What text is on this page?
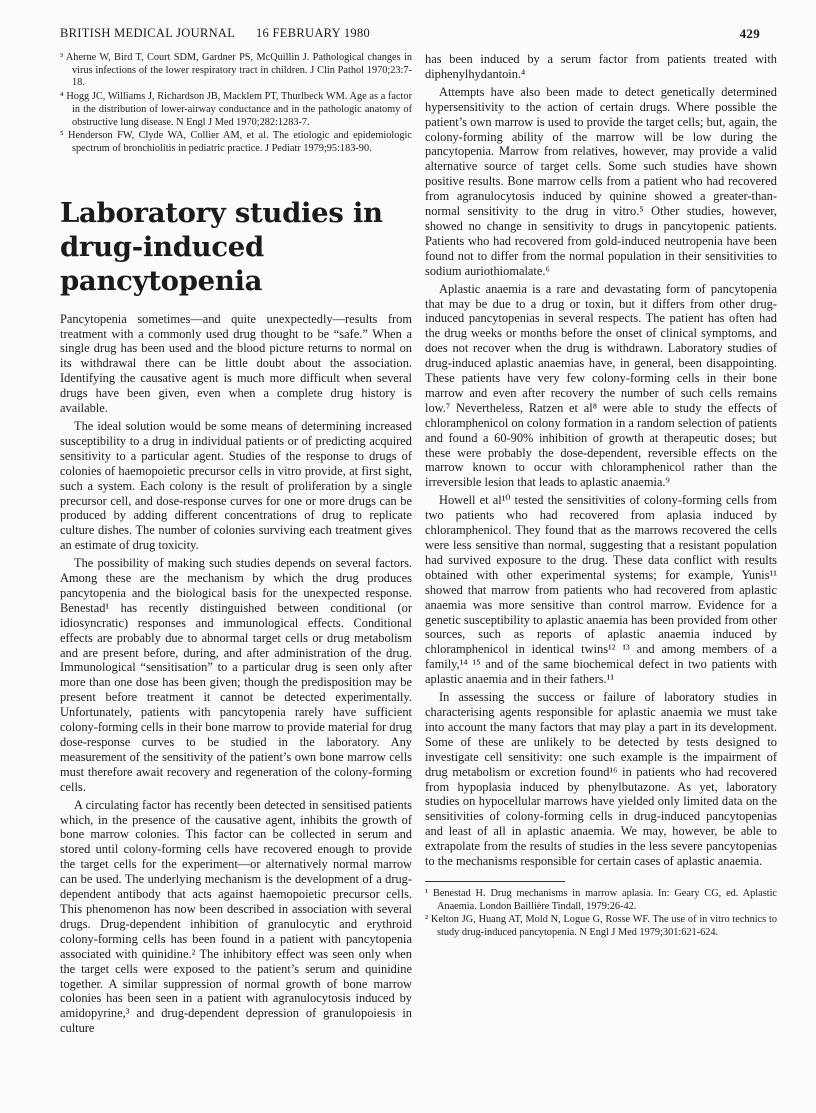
BRITISH MEDICAL JOURNAL 16 FEBRUARY 1980	429
³ Aherne W, Bird T, Court SDM, Gardner PS, McQuillin J. Pathological changes in virus infections of the lower respiratory tract in children. J Clin Pathol 1970;23:7-18.
⁴ Hogg JC, Williams J, Richardson JB, Macklem PT, Thurlbeck WM. Age as a factor in the distribution of lower-airway conductance and in the pathologic anatomy of obstructive lung disease. N Engl J Med 1970;282:1283-7.
⁵ Henderson FW, Clyde WA, Collier AM, et al. The etiologic and epidemiologic spectrum of bronchiolitis in pediatric practice. J Pediatr 1979;95:183-90.
Laboratory studies in drug-induced pancytopenia

Pancytopenia sometimes—and quite unexpectedly—results from treatment with a commonly used drug thought to be “safe.” When a single drug has been used and the blood picture returns to normal on its withdrawal there can be little doubt about the association. Identifying the causative agent is much more difficult when several drugs have been given, even when a complete drug history is available.

The ideal solution would be some means of determining increased susceptibility to a drug in individual patients or of predicting acquired sensitivity to a particular agent. Studies of the response to drugs of colonies of haemopoietic precursor cells in vitro provide, at first sight, such a system. Each colony is the result of proliferation by a single precursor cell, and dose-response curves for one or more drugs can be produced by adding different concentrations of drug to replicate culture dishes. The number of colonies surviving each treatment gives an estimate of drug toxicity.

The possibility of making such studies depends on several factors. Among these are the mechanism by which the drug produces pancytopenia and the biological basis for the unexpected response. Benestad¹ has recently distinguished between conditional (or idiosyncratic) responses and immunological effects. Conditional effects are probably due to abnormal target cells or drug metabolism and are present before, during, and after administration of the drug. Immunological “sensitisation” to a particular drug is seen only after more than one dose has been given; though the predisposition may be present before treatment it cannot be detected experimentally. Unfortunately, patients with pancytopenia rarely have sufficient colony-forming cells in their bone marrow to provide material for drug dose-response curves to be studied in the laboratory. Any measurement of the sensitivity of the patient’s own bone marrow cells must therefore await recovery and regeneration of the colony-forming cells.

A circulating factor has recently been detected in sensitised patients which, in the presence of the causative agent, inhibits the growth of bone marrow colonies. This factor can be collected in serum and stored until colony-forming cells have recovered enough to provide the target cells for the experiment—or alternatively normal marrow can be used. The underlying mechanism is the development of a drug-dependent antibody that acts against haemopoietic precursor cells. This phenomenon has now been described in association with several drugs. Drug-dependent inhibition of granulocytic and erythroid colony-forming cells has been found in a patient with pancytopenia associated with quinidine.² The inhibitory effect was seen only when the target cells were exposed to the patient’s serum and quinidine together. A similar suppression of normal growth of bone marrow colonies has been seen in a patient with agranulocytosis induced by amidopyrine,³ and drug-dependent depression of granulopoiesis in culture

has been induced by a serum factor from patients treated with diphenylhydantoin.⁴

Attempts have also been made to detect genetically determined hypersensitivity to the action of certain drugs. Where possible the patient’s own marrow is used to provide the target cells; but, again, the colony-forming ability of the marrow will be low during the pancytopenia. Marrow from relatives, however, may provide a valid alternative source of target cells. Some such studies have shown positive results. Bone marrow cells from a patient who had recovered from agranulocytosis induced by quinine showed a greater-than-normal sensitivity to the drug in vitro.⁵ Other studies, however, showed no change in sensitivity to drugs in pancytopenic patients. Patients who had recovered from gold-induced neutropenia have been found not to differ from the normal population in their sensitivities to sodium auriothiomalate.⁶

Aplastic anaemia is a rare and devastating form of pancytopenia that may be due to a drug or toxin, but it differs from other drug-induced pancytopenias in several respects. The patient has often had the drug weeks or months before the onset of clinical symptoms, and does not recover when the drug is withdrawn. Laboratory studies of drug-induced aplastic anaemias have, in general, been disappointing. These patients have very few colony-forming cells in their bone marrow and even after recovery the number of such cells remains low.⁷ Nevertheless, Ratzen et al⁸ were able to study the effects of chloramphenicol on colony formation in a random selection of patients and found a 60-90% inhibition of growth at therapeutic doses; but these were probably the dose-dependent, reversible effects on the marrow known to occur with chloramphenicol rather than the irreversible lesion that leads to aplastic anaemia.⁹

Howell et al¹⁰ tested the sensitivities of colony-forming cells from two patients who had recovered from aplasia induced by chloramphenicol. They found that as the marrows recovered the cells were less sensitive than normal, suggesting that a resistant population had survived exposure to the drug. These data conflict with results obtained with other experimental systems; for example, Yunis¹¹ showed that marrow from patients who had recovered from aplastic anaemia was more sensitive than control marrow. Evidence for a genetic susceptibility to aplastic anaemia has been provided from other sources, such as reports of aplastic anaemia induced by chloramphenicol in identical twins¹² ¹³ and among members of a family,¹⁴ ¹⁵ and of the same biochemical defect in two patients with aplastic anaemia and in their fathers.¹¹

In assessing the success or failure of laboratory studies in characterising agents responsible for aplastic anaemia we must take into account the many factors that may play a part in its development. Some of these are unlikely to be detected by tests designed to investigate cell sensitivity: one such example is the impairment of drug metabolism or excretion found¹⁶ in patients who had recovered from hypoplasia induced by phenylbutazone. As yet, laboratory studies on hypocellular marrows have yielded only limited data on the sensitivities of colony-forming cells in drug-induced pancytopenias and least of all in aplastic anaemia. We may, however, be able to extrapolate from the results of studies in the less severe pancytopenias to the mechanisms responsible for certain cases of aplastic anaemia.

¹ Benestad H. Drug mechanisms in marrow aplasia. In: Geary CG, ed. Aplastic Anaemia. London Baillière Tindall, 1979:26-42.
² Kelton JG, Huang AT, Mold N, Logue G, Rosse WF. The use of in vitro technics to study drug-induced pancytopenia. N Engl J Med 1979;301:621-624.
